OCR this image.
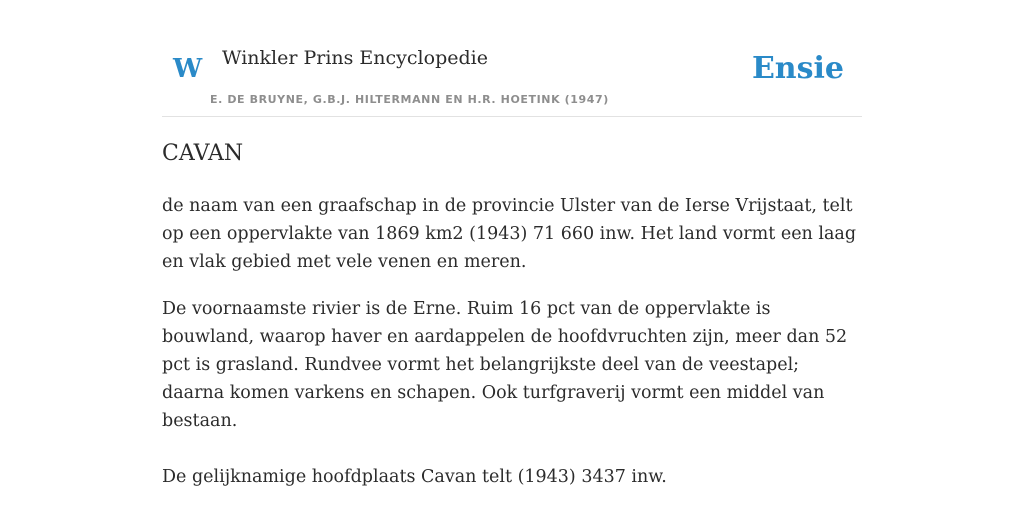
W Winkler Prins Encyclopedie
E. DE BRUYNE, G.B.J. HILTERMANN EN H.R. HOETINK (1947)
Ensie
CAVAN

de naam van een graafschap in de provincie Ulster van de Ierse Vrijstaat, telt op een oppervlakte van 1869 km2 (1943) 71 660 inw. Het land vormt een laag en vlak gebied met vele venen en meren.

De voornaamste rivier is de Erne. Ruim 16 pct van de oppervlakte is bouwland, waarop haver en aardappelen de hoofdvruchten zijn, meer dan 52 pct is grasland. Rundvee vormt het belangrijkste deel van de veestapel; daarna komen varkens en schapen. Ook turfgraverij vormt een middel van bestaan.

De gelijknamige hoofdplaats Cavan telt (1943) 3437 inw.
